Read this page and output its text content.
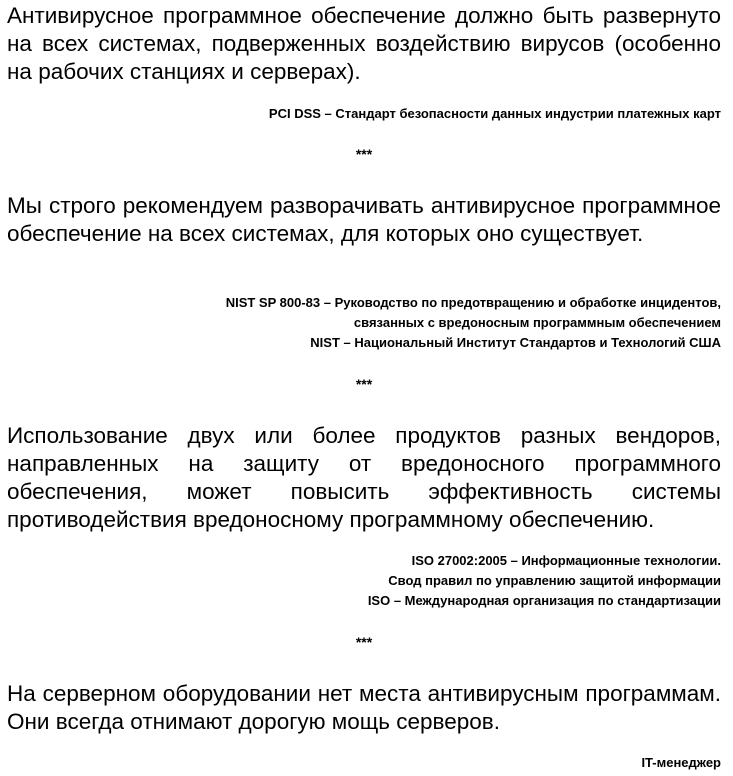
Антивирусное программное обеспечение должно быть развернуто на всех системах, подверженных воздействию вирусов (особенно на рабочих станциях и серверах).

PCI DSS – Стандарт безопасности данных индустрии платежных карт

***

Мы строго рекомендуем разворачивать антивирусное программное обеспечение на всех системах, для которых оно существует.

NIST SP 800-83 – Руководство по предотвращению и обработке инцидентов,
связанных с вредоносным программным обеспечением
NIST – Национальный Институт Стандартов и Технологий США

***

Использование двух или более продуктов разных вендоров, направленных на защиту от вредоносного программного обеспечения, может повысить эффективность системы противодействия вредоносному программному обеспечению.

ISO 27002:2005 – Информационные технологии.
Свод правил по управлению защитой информации
ISO – Международная организация по стандартизации

***

На серверном оборудовании нет места антивирусным программам. Они всегда отнимают дорогую мощь серверов.

IT-менеджер
